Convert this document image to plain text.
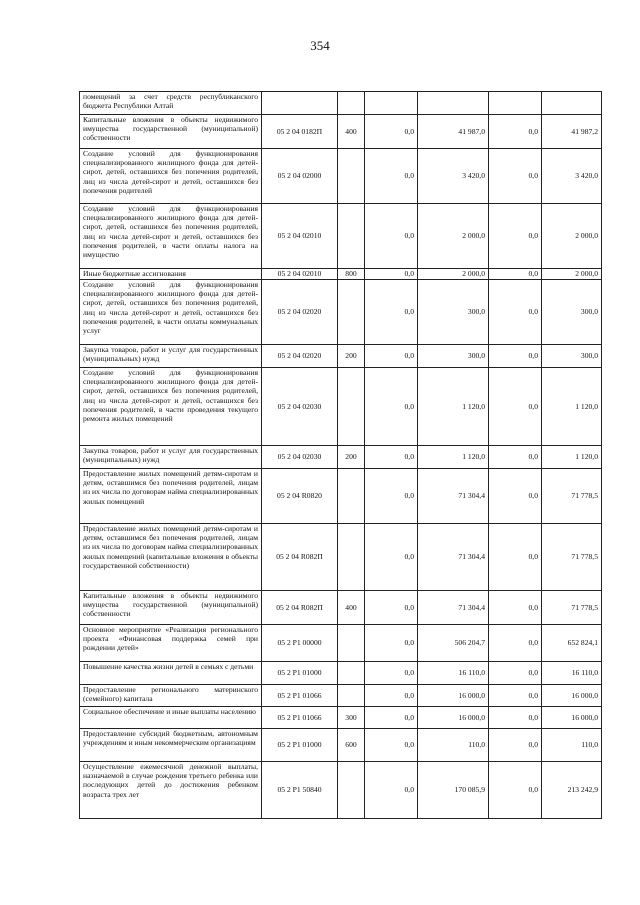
354
помещений за счет средств республиканского бюджета Республики Алтай						
Капитальные вложения в объекты недвижимого имущества государственной (муниципальной) собственности	05 2 04 0182П	400	0,0	41 987,0	0,0	41 987,2
Создание условий для функционирования специализированного жилищного фонда для детей-сирот, детей, оставшихся без попечения родителей, лиц из числа детей-сирот и детей, оставшихся без попечения родителей	05 2 04 02000		0,0	3 420,0	0,0	3 420,0
Создание условий для функционирования специализированного жилищного фонда для детей-сирот, детей, оставшихся без попечения родителей, лиц из числа детей-сирот и детей, оставшихся без попечения родителей, в части оплаты налога на имущество	05 2 04 02010		0,0	2 000,0	0,0	2 000,0
Иные бюджетные ассигнования	05 2 04 02010	800	0,0	2 000,0	0,0	2 000,0
Создание условий для функционирования специализированного жилищного фонда для детей-сирот, детей, оставшихся без попечения родителей, лиц из числа детей-сирот и детей, оставшихся без попечения родителей, в части оплаты коммунальных услуг	05 2 04 02020		0,0	300,0	0,0	300,0
Закупка товаров, работ и услуг для государственных (муниципальных) нужд	05 2 04 02020	200	0,0	300,0	0,0	300,0
Создание условий для функционирования специализированного жилищного фонда для детей-сирот, детей, оставшихся без попечения родителей, лиц из числа детей-сирот и детей, оставшихся без попечения родителей, в части проведения текущего ремонта жилых помещений	05 2 04 02030		0,0	1 120,0	0,0	1 120,0
Закупка товаров, работ и услуг для государственных (муниципальных) нужд	05 2 04 02030	200	0,0	1 120,0	0,0	1 120,0
Предоставление жилых помещений детям-сиротам и детям, оставшимся без попечения родителей, лицам из их числа по договорам найма специализированных жилых помещений	05 2 04 R0820		0,0	71 304,4	0,0	71 778,5
Предоставление жилых помещений детям-сиротам и детям, оставшимся без попечения родителей, лицам из их числа по договорам найма специализированных жилых помещений (капитальные вложения в объекты государственной собственности)	05 2 04 R082П		0,0	71 304,4	0,0	71 778,5
Капитальные вложения в объекты недвижимого имущества государственной (муниципальной) собственности	05 2 04 R082П	400	0,0	71 304,4	0,0	71 778,5
Основное мероприятие «Реализация регионального проекта «Финансовая поддержка семей при рождении детей»	05 2 P1 00000		0,0	506 204,7	0,0	652 824,1
Повышение качества жизни детей в семьях с детьми	05 2 P1 01000		0,0	16 110,0	0,0	16 110,0
Предоставление регионального материнского (семейного) капитала	05 2 P1 01066		0,0	16 000,0	0,0	16 000,0
Социальное обеспечение и иные выплаты населению	05 2 P1 01066	300	0,0	16 000,0	0,0	16 000,0
Предоставление субсидий бюджетным, автономным учреждениям и иным некоммерческим организациям	05 2 P1 01000	600	0,0	110,0	0,0	110,0
Осуществление ежемесячной денежной выплаты, назначаемой в случае рождения третьего ребенка или последующих детей до достижения ребенком возраста трех лет	05 2 P1 50840		0,0	170 085,9	0,0	213 242,9
